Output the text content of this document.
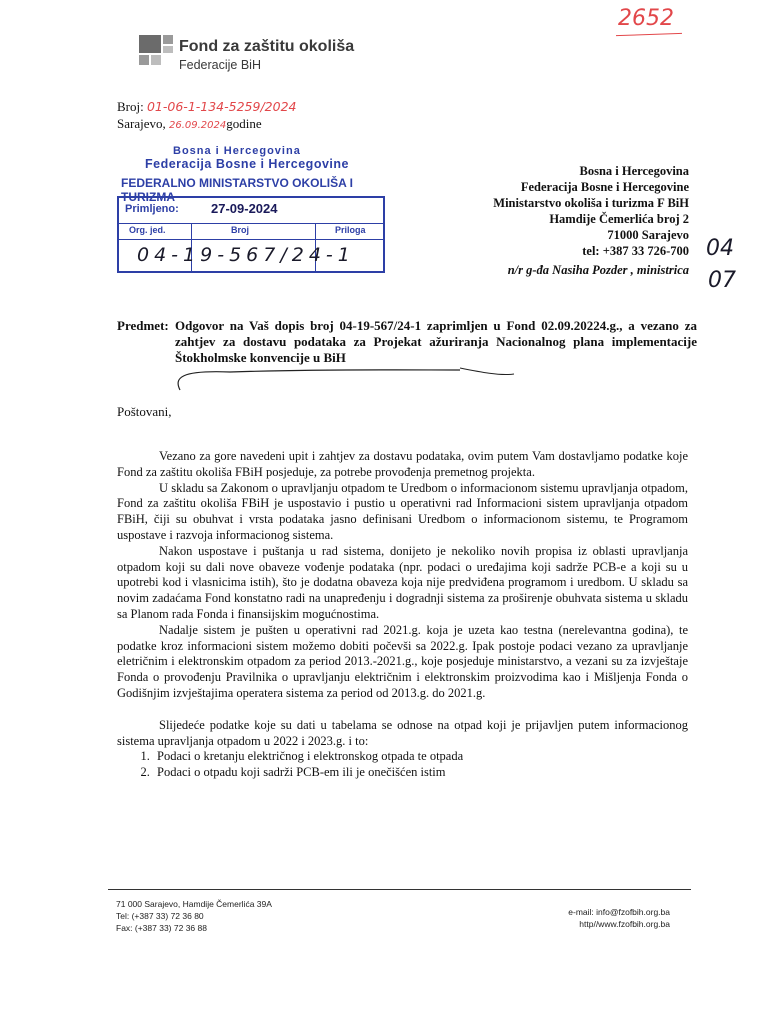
2652
Fond za zaštitu okoliša
Federacije BiH
Broj: 01-06-1-134-5259/2024
Sarajevo, 26.09.2024godine
Bosna i Hercegovina
Federacija Bosne i Hercegovine
FEDERALNO MINISTARSTVO OKOLIŠA I TURIZMA
Primljeno: 27-09-2024
Org. jed.	Broj	Priloga
04-19-567/24-1
Bosna i Hercegovina
Federacija Bosne i Hercegovine
Ministarstvo okoliša i turizma F BiH
Hamdije Čemerlića broj 2
71000 Sarajevo
tel: +387 33 726-700
n/r g-đa Nasiha Pozder , ministrica
04
07
Predmet: Odgovor na Vaš dopis broj 04-19-567/24-1 zaprimljen u Fond 02.09.20224.g., a vezano za zahtjev za dostavu podataka za Projekat ažuriranja Nacionalnog plana implementacije Štokholmske konvencije u BiH
Poštovani,

Vezano za gore navedeni upit i zahtjev za dostavu podataka, ovim putem Vam dostavljamo podatke koje Fond za zaštitu okoliša FBiH posjeduje, za potrebe provođenja premetnog projekta.

U skladu sa Zakonom o upravljanju otpadom te Uredbom o informacionom sistemu upravljanja otpadom, Fond za zaštitu okoliša FBiH je uspostavio i pustio u operativni rad Informacioni sistem upravljanja otpadom FBiH, čiji su obuhvat i vrsta podataka jasno definisani Uredbom o informacionom sistemu, te Programom uspostave i razvoja informacionog sistema.

Nakon uspostave i puštanja u rad sistema, donijeto je nekoliko novih propisa iz oblasti upravljanja otpadom koji su dali nove obaveze vođenje podataka (npr. podaci o uređajima koji sadrže PCB-e a koji su u upotrebi kod i vlasnicima istih), što je dodatna obaveza koja nije predviđena programom i uredbom. U skladu sa novim zadaćama Fond konstatno radi na unapređenju i dogradnji sistema za proširenje obuhvata sistema u skladu sa Planom rada Fonda i finansijskim mogućnostima.

Nadalje sistem je pušten u operativni rad 2021.g. koja je uzeta kao testna (nerelevantna godina), te podatke kroz informacioni sistem možemo dobiti počevši sa 2022.g. Ipak postoje podaci vezano za upravljanje eletričnim i elektronskim otpadom za period 2013.-2021.g., koje posjeduje ministarstvo, a vezani su za izvještaje Fonda o provođenju Pravilnika o upravljanju električnim i elektronskim proizvodima kao i Mišljenja Fonda o Godišnjim izvještajima operatera sistema za period od 2013.g. do 2021.g.

Slijedeće podatke koje su dati u tabelama se odnose na otpad koji je prijavljen putem informacionog sistema upravljanja otpadom u 2022 i 2023.g. i to:

1. Podaci o kretanju električnog i elektronskog otpada te otpada
2. Podaci o otpadu koji sadrži PCB-em ili je onečišćen istim
71 000 Sarajevo, Hamdije Čemerlića 39A
Tel: (+387 33) 72 36 80
Fax: (+387 33) 72 36 88
e-mail: info@fzofbih.org.ba
http//www.fzofbih.org.ba
